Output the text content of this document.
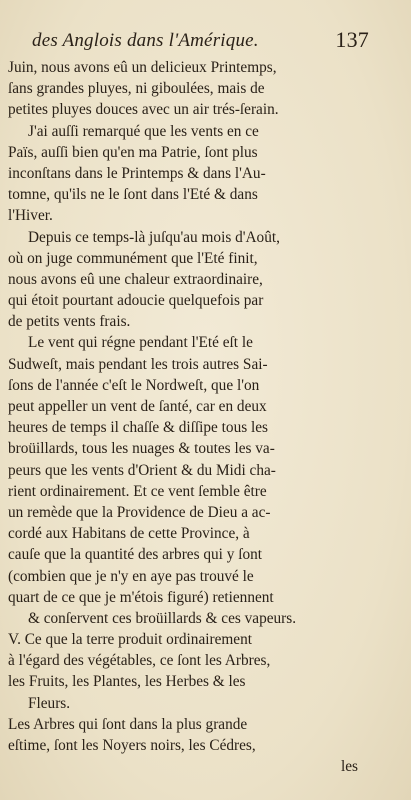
des Anglois dans l'Amérique.	137
Juin, nous avons eû un delicieux Printemps,
ſans grandes pluyes, ni giboulées, mais de
petites pluyes douces avec un air trés-ſerain.
J'ai auſſi remarqué que les vents en ce
Païs, auſſi bien qu'en ma Patrie, ſont plus
inconſtans dans le Printemps & dans l'Au-
tomne, qu'ils ne le ſont dans l'Eté & dans
l'Hiver.
Depuis ce temps-là juſqu'au mois d'Août,
où on juge communément que l'Eté finit,
nous avons eû une chaleur extraordinaire,
qui étoit pourtant adoucie quelquefois par
de petits vents frais.
Le vent qui régne pendant l'Eté eſt le
Sudweſt, mais pendant les trois autres Sai-
ſons de l'année c'eſt le Nordweſt, que l'on
peut appeller un vent de ſanté, car en deux
heures de temps il chaſſe & diſſipe tous les
broüillards, tous les nuages & toutes les va-
peurs que les vents d'Orient & du Midi cha-
rient ordinairement. Et ce vent ſemble être
un remède que la Providence de Dieu a ac-
cordé aux Habitans de cette Province, à
cauſe que la quantité des arbres qui y ſont
(combien que je n'y en aye pas trouvé le
quart de ce que je m'étois figuré) retiennent
& conſervent ces broüillards & ces vapeurs.
V. Ce que la terre produit ordinairement
à l'égard des végétables, ce ſont les Arbres,
les Fruits, les Plantes, les Herbes & les
Fleurs.
Les Arbres qui ſont dans la plus grande
eſtime, ſont les Noyers noirs, les Cédres,
les
